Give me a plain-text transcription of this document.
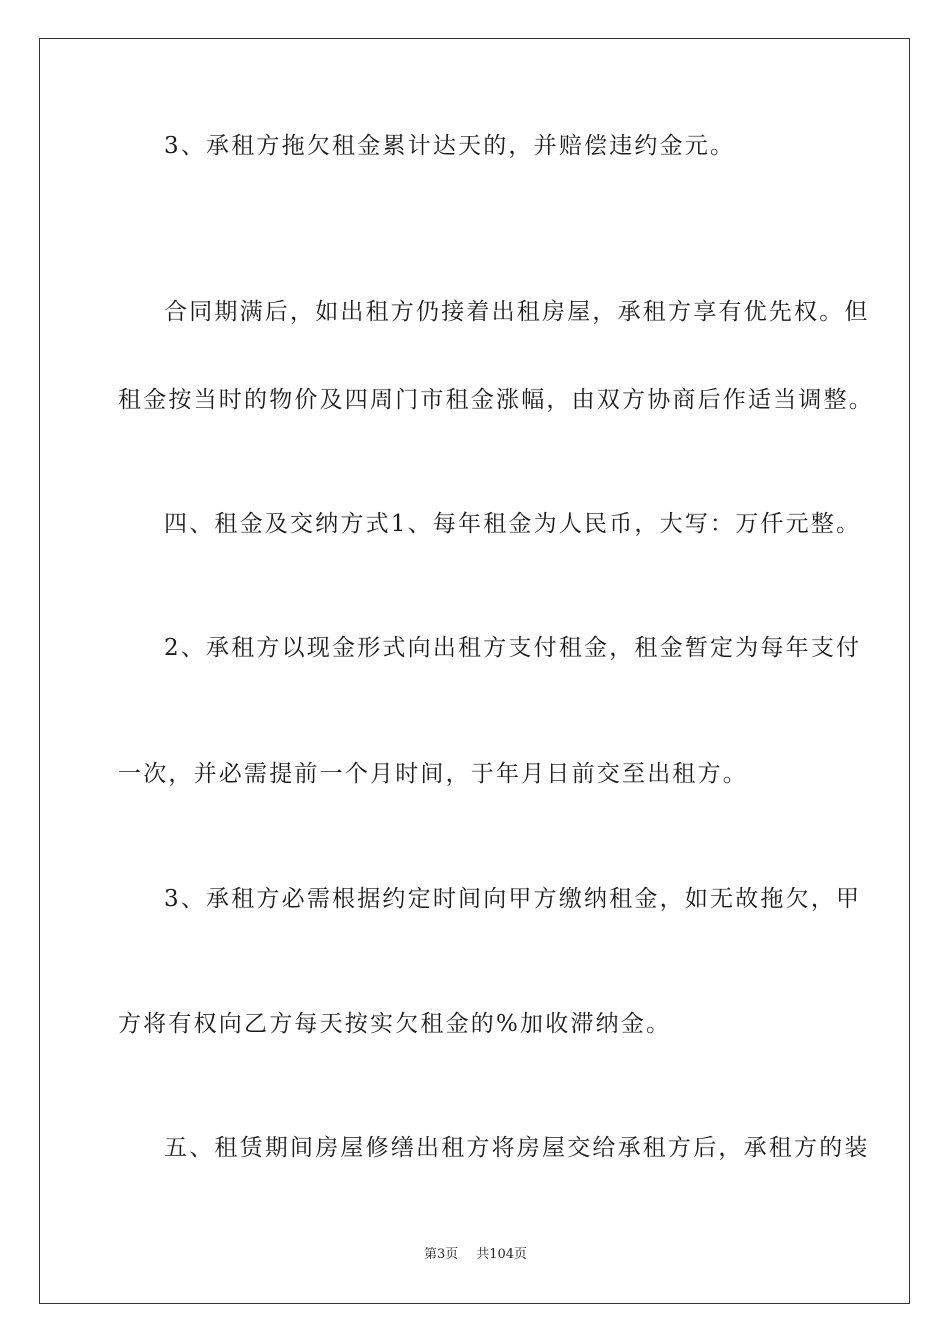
3、承租方拖欠租金累计达天的，并赔偿违约金元。
合同期满后，如出租方仍接着出租房屋，承租方享有优先权。但
租金按当时的物价及四周门市租金涨幅，由双方协商后作适当调整。
四、租金及交纳方式1、每年租金为人民币，大写：万仟元整。
2、承租方以现金形式向出租方支付租金，租金暂定为每年支付
一次，并必需提前一个月时间，于年月日前交至出租方。
3、承租方必需根据约定时间向甲方缴纳租金，如无故拖欠，甲
方将有权向乙方每天按实欠租金的%加收滞纳金。
五、租赁期间房屋修缮出租方将房屋交给承租方后，承租方的装
第3页 共104页
